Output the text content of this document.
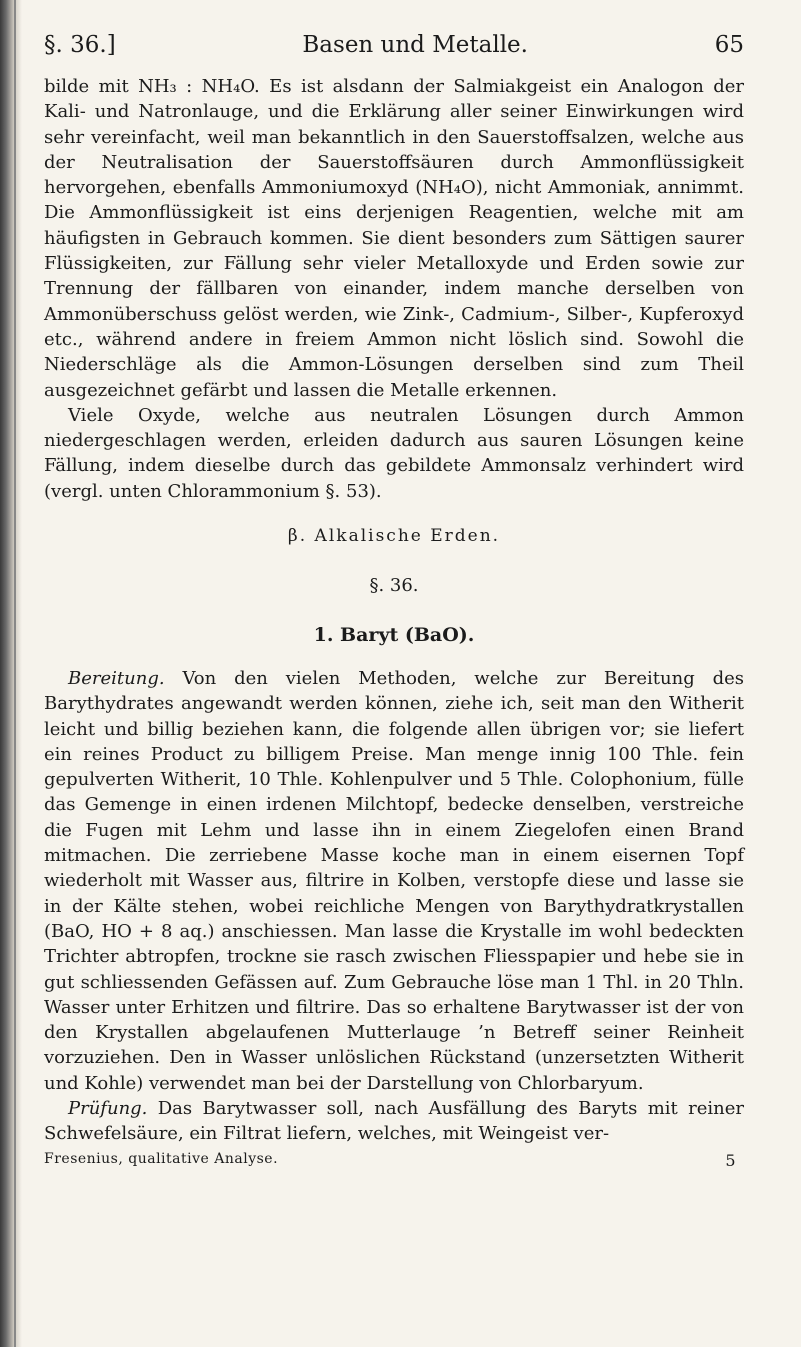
§. 36.]	Basen und Metalle.	65

bilde mit NH₃ : NH₄O. Es ist alsdann der Salmiakgeist ein Analogon der Kali- und Natronlauge, und die Erklärung aller seiner Einwirkungen wird sehr vereinfacht, weil man bekanntlich in den Sauerstoffsalzen, welche aus der Neutralisation der Sauerstoffsäuren durch Ammonflüssigkeit hervorgehen, ebenfalls Ammoniumoxyd (NH₄O), nicht Ammoniak, annimmt. Die Ammonflüssigkeit ist eins derjenigen Reagentien, welche mit am häufigsten in Gebrauch kommen. Sie dient besonders zum Sättigen saurer Flüssigkeiten, zur Fällung sehr vieler Metalloxyde und Erden sowie zur Trennung der fällbaren von einander, indem manche derselben von Ammonüberschuss gelöst werden, wie Zink-, Cadmium-, Silber-, Kupferoxyd etc., während andere in freiem Ammon nicht löslich sind. Sowohl die Niederschläge als die Ammon-Lösungen derselben sind zum Theil ausgezeichnet gefärbt und lassen die Metalle erkennen.

Viele Oxyde, welche aus neutralen Lösungen durch Ammon niedergeschlagen werden, erleiden dadurch aus sauren Lösungen keine Fällung, indem dieselbe durch das gebildete Ammonsalz verhindert wird (vergl. unten Chlorammonium §. 53).

β. Alkalische Erden.

§. 36.

1. Baryt (BaO).

Bereitung. Von den vielen Methoden, welche zur Bereitung des Barythydrates angewandt werden können, ziehe ich, seit man den Witherit leicht und billig beziehen kann, die folgende allen übrigen vor; sie liefert ein reines Product zu billigem Preise. Man menge innig 100 Thle. fein gepulverten Witherit, 10 Thle. Kohlenpulver und 5 Thle. Colophonium, fülle das Gemenge in einen irdenen Milchtopf, bedecke denselben, verstreiche die Fugen mit Lehm und lasse ihn in einem Ziegelofen einen Brand mitmachen. Die zerriebene Masse koche man in einem eisernen Topf wiederholt mit Wasser aus, filtrire in Kolben, verstopfe diese und lasse sie in der Kälte stehen, wobei reichliche Mengen von Barythydratkrystallen (BaO, HO + 8 aq.) anschiessen. Man lasse die Krystalle im wohl bedeckten Trichter abtropfen, trockne sie rasch zwischen Fliesspapier und hebe sie in gut schliessenden Gefässen auf. Zum Gebrauche löse man 1 Thl. in 20 Thln. Wasser unter Erhitzen und filtrire. Das so erhaltene Barytwasser ist der von den Krystallen abgelaufenen Mutterlauge ’n Betreff seiner Reinheit vorzuziehen. Den in Wasser unlöslichen Rückstand (unzersetzten Witherit und Kohle) verwendet man bei der Darstellung von Chlorbaryum.

Prüfung. Das Barytwasser soll, nach Ausfällung des Baryts mit reiner Schwefelsäure, ein Filtrat liefern, welches, mit Weingeist ver-

Fresenius, qualitative Analyse.	5
